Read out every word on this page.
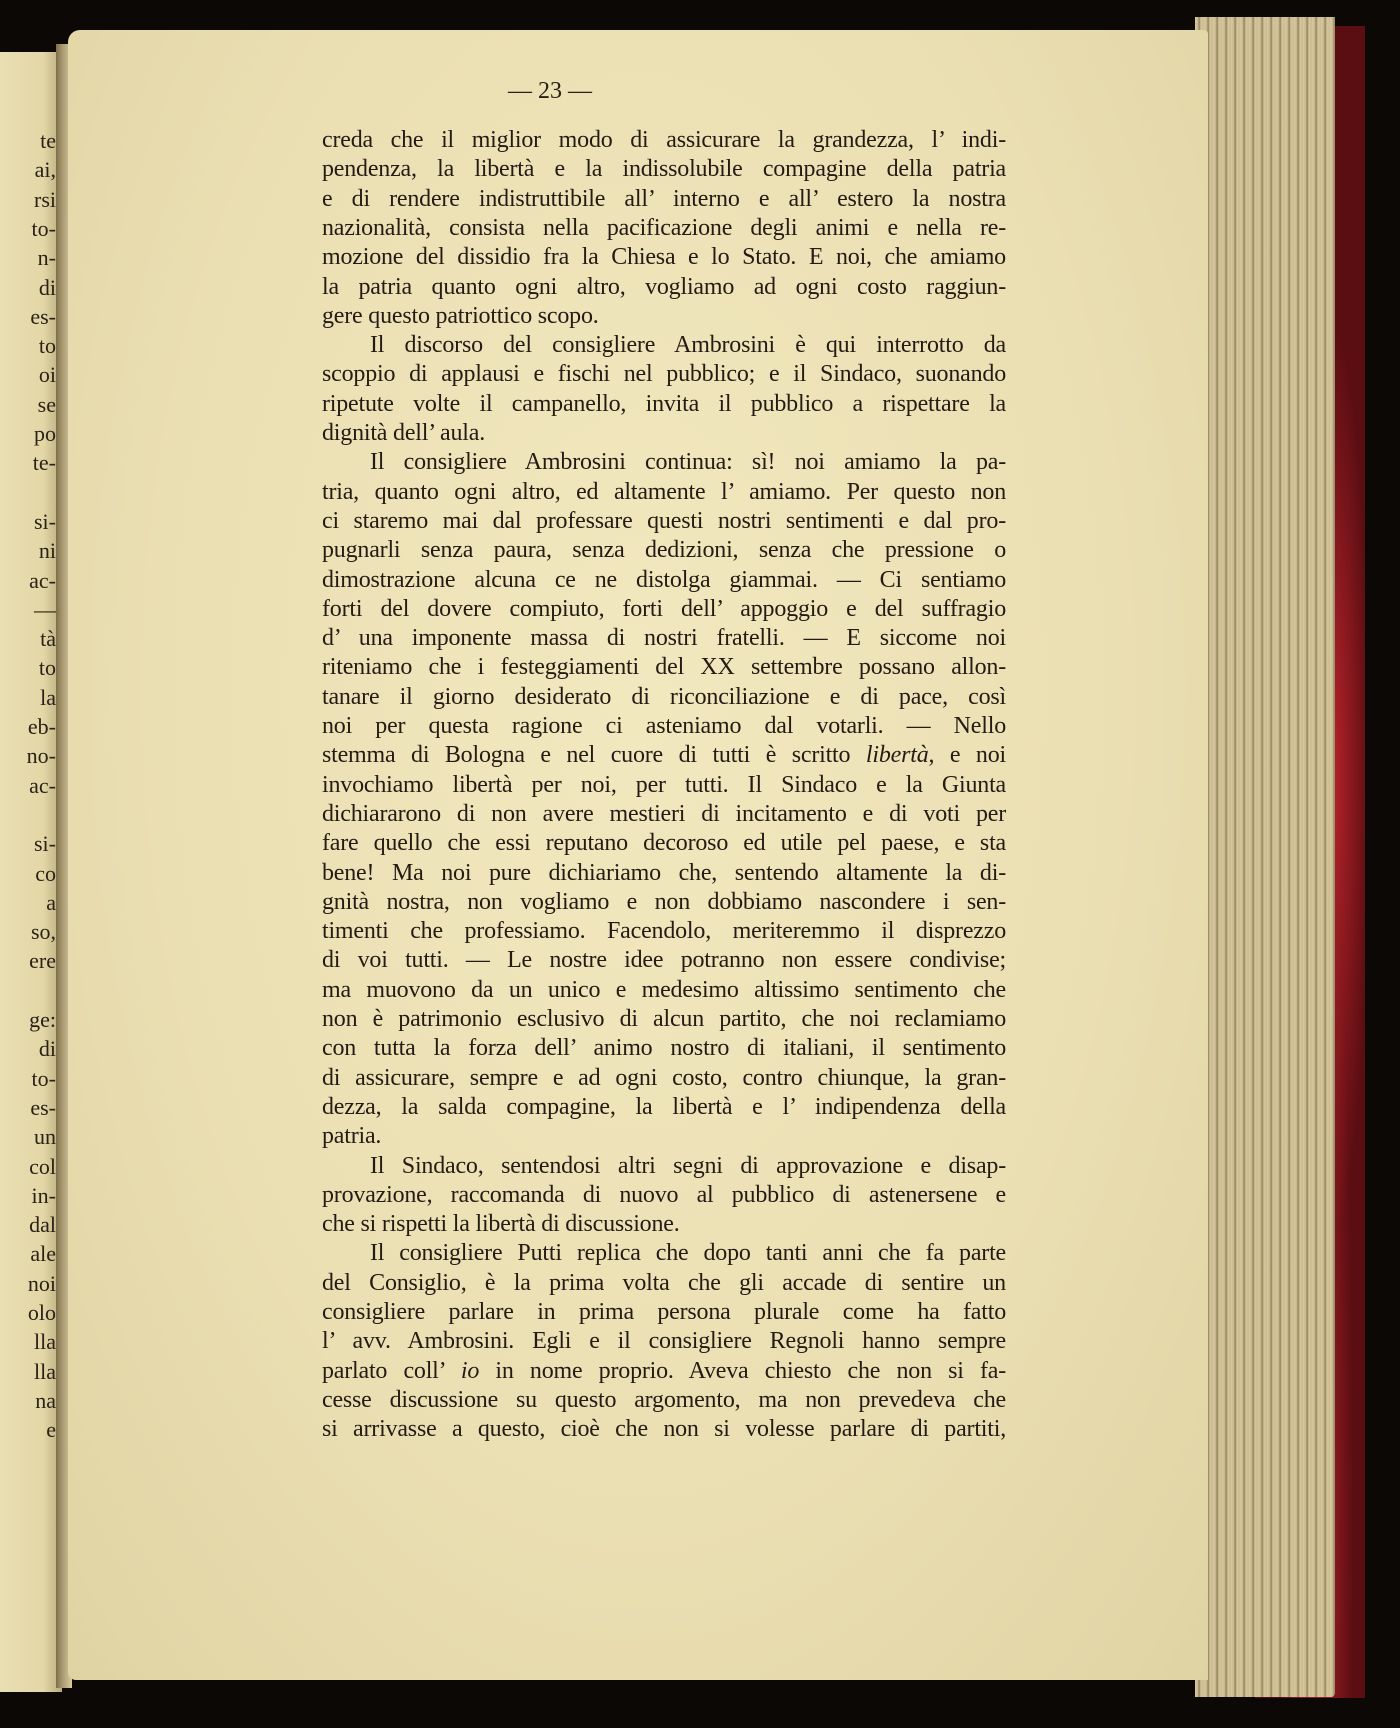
te
ai,
rsi
to-
n-
di
es-
to
oi
se
po
te-
si-
ni
ac-
—
tà
to
la
eb-
no-
ac-
si-
co
a
so,
ere
ge:
di
to-
es-
un
col
in-
dal
ale
noi
olo
lla
lla
na
e
— 23 —
creda che il miglior modo di assicurare la grandezza, l’ indi-
pendenza, la libertà e la indissolubile compagine della patria
e di rendere indistruttibile all’ interno e all’ estero la nostra
nazionalità, consista nella pacificazione degli animi e nella re-
mozione del dissidio fra la Chiesa e lo Stato. E noi, che amiamo
la patria quanto ogni altro, vogliamo ad ogni costo raggiun-
gere questo patriottico scopo.
Il discorso del consigliere Ambrosini è qui interrotto da
scoppio di applausi e fischi nel pubblico; e il Sindaco, suonando
ripetute volte il campanello, invita il pubblico a rispettare la
dignità dell’ aula.
Il consigliere Ambrosini continua: sì! noi amiamo la pa-
tria, quanto ogni altro, ed altamente l’ amiamo. Per questo non
ci staremo mai dal professare questi nostri sentimenti e dal pro-
pugnarli senza paura, senza dedizioni, senza che pressione o
dimostrazione alcuna ce ne distolga giammai. — Ci sentiamo
forti del dovere compiuto, forti dell’ appoggio e del suffragio
d’ una imponente massa di nostri fratelli. — E siccome noi
riteniamo che i festeggiamenti del XX settembre possano allon-
tanare il giorno desiderato di riconciliazione e di pace, così
noi per questa ragione ci asteniamo dal votarli. — Nello
stemma di Bologna e nel cuore di tutti è scritto libertà, e noi
invochiamo libertà per noi, per tutti. Il Sindaco e la Giunta
dichiararono di non avere mestieri di incitamento e di voti per
fare quello che essi reputano decoroso ed utile pel paese, e sta
bene! Ma noi pure dichiariamo che, sentendo altamente la di-
gnità nostra, non vogliamo e non dobbiamo nascondere i sen-
timenti che professiamo. Facendolo, meriteremmo il disprezzo
di voi tutti. — Le nostre idee potranno non essere condivise;
ma muovono da un unico e medesimo altissimo sentimento che
non è patrimonio esclusivo di alcun partito, che noi reclamiamo
con tutta la forza dell’ animo nostro di italiani, il sentimento
di assicurare, sempre e ad ogni costo, contro chiunque, la gran-
dezza, la salda compagine, la libertà e l’ indipendenza della
patria.
Il Sindaco, sentendosi altri segni di approvazione e disap-
provazione, raccomanda di nuovo al pubblico di astenersene e
che si rispetti la libertà di discussione.
Il consigliere Putti replica che dopo tanti anni che fa parte
del Consiglio, è la prima volta che gli accade di sentire un
consigliere parlare in prima persona plurale come ha fatto
l’ avv. Ambrosini. Egli e il consigliere Regnoli hanno sempre
parlato coll’ io in nome proprio. Aveva chiesto che non si fa-
cesse discussione su questo argomento, ma non prevedeva che
si arrivasse a questo, cioè che non si volesse parlare di partiti,
